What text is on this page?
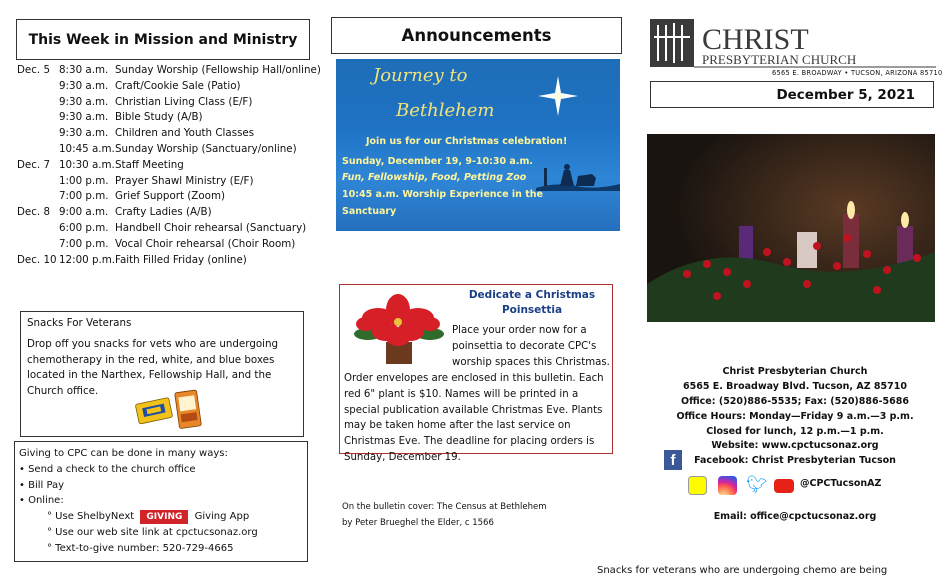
This Week in Mission and Ministry
Dec. 5 8:30 a.m. Sunday Worship (Fellowship Hall/online)
9:30 a.m. Craft/Cookie Sale (Patio)
9:30 a.m. Christian Living Class (E/F)
9:30 a.m. Bible Study (A/B)
9:30 a.m. Children and Youth Classes
10:45 a.m. Sunday Worship (Sanctuary/online)
Dec. 7 10:30 a.m. Staff Meeting
1:00 p.m. Prayer Shawl Ministry (E/F)
7:00 p.m. Grief Support (Zoom)
Dec. 8 9:00 a.m. Crafty Ladies (A/B)
6:00 p.m. Handbell Choir rehearsal (Sanctuary)
7:00 p.m. Vocal Choir rehearsal (Choir Room)
Dec. 10 12:00 p.m. Faith Filled Friday (online)
Snacks For Veterans
Drop off you snacks for vets who are undergoing chemotherapy in the red, white, and blue boxes located in the Narthex, Fellowship Hall, and the Church office.
Giving to CPC can be done in many ways:
• Send a check to the church office
• Bill Pay
• Online:
° Use ShelbyNext GIVING Giving App
° Use our web site link at cpctucsonaz.org
° Text-to-give number: 520-729-4665
Announcements
Journey to
Bethlehem
Join us for our Christmas celebration!
Sunday, December 19, 9-10:30 a.m.
Fun, Fellowship, Food, Petting Zoo
10:45 a.m. Worship Experience in the
Sanctuary
Dedicate a Christmas Poinsettia
Place your order now for a poinsettia to decorate CPC's worship spaces this Christmas.
Order envelopes are enclosed in this bulletin. Each red 6" plant is $10. Names will be printed in a special publication available Christmas Eve. Plants may be taken home after the last service on Christmas Eve. The deadline for placing orders is Sunday, December 19.
On the bulletin cover: The Census at Bethlehem
by Peter Brueghel the Elder, c 1566
CHRIST
PRESBYTERIAN CHURCH
6565 E. BROADWAY • TUCSON, ARIZONA 85710
December 5, 2021
Christ Presbyterian Church
6565 E. Broadway Blvd. Tucson, AZ 85710
Office: (520)886-5535; Fax: (520)886-5686
Office Hours: Monday—Friday 9 a.m.—3 p.m.
Closed for lunch, 12 p.m.—1 p.m.
Website: www.cpctucsonaz.org
f	Facebook: Christ Presbyterian Tucson
🐦︎	@CPCTucsonAZ
Email: office@cpctucsonaz.org
Snacks for veterans who are undergoing chemo are being
